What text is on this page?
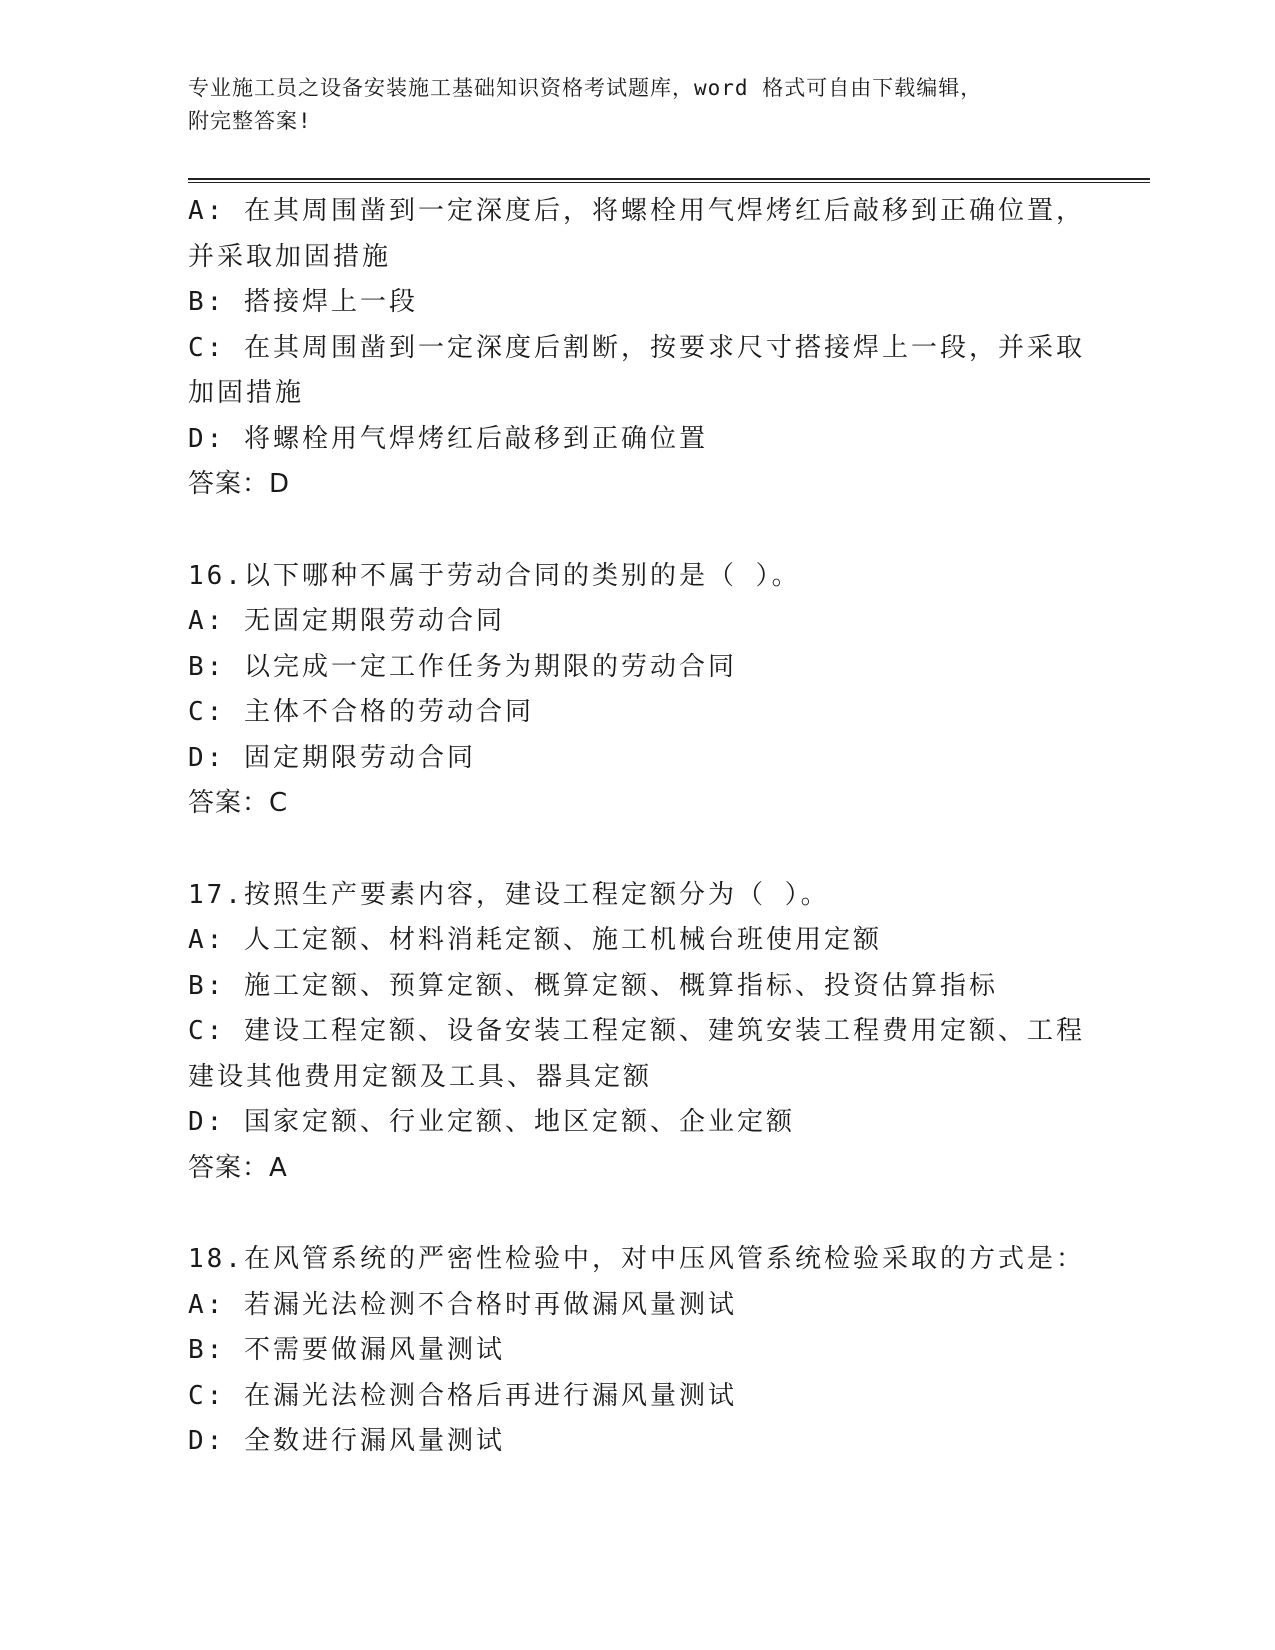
专业施工员之设备安装施工基础知识资格考试题库，word 格式可自由下载编辑，
附完整答案!
A: 在其周围凿到一定深度后，将螺栓用气焊烤红后敲移到正确位置，
并采取加固措施
B: 搭接焊上一段
C: 在其周围凿到一定深度后割断，按要求尺寸搭接焊上一段，并采取
加固措施
D: 将螺栓用气焊烤红后敲移到正确位置
答案：D
16.以下哪种不属于劳动合同的类别的是（ ）。
A: 无固定期限劳动合同
B: 以完成一定工作任务为期限的劳动合同
C: 主体不合格的劳动合同
D: 固定期限劳动合同
答案：C
17.按照生产要素内容，建设工程定额分为（ ）。
A: 人工定额、材料消耗定额、施工机械台班使用定额
B: 施工定额、预算定额、概算定额、概算指标、投资估算指标
C: 建设工程定额、设备安装工程定额、建筑安装工程费用定额、工程
建设其他费用定额及工具、器具定额
D: 国家定额、行业定额、地区定额、企业定额
答案：A
18.在风管系统的严密性检验中，对中压风管系统检验采取的方式是：
A: 若漏光法检测不合格时再做漏风量测试
B: 不需要做漏风量测试
C: 在漏光法检测合格后再进行漏风量测试
D: 全数进行漏风量测试
